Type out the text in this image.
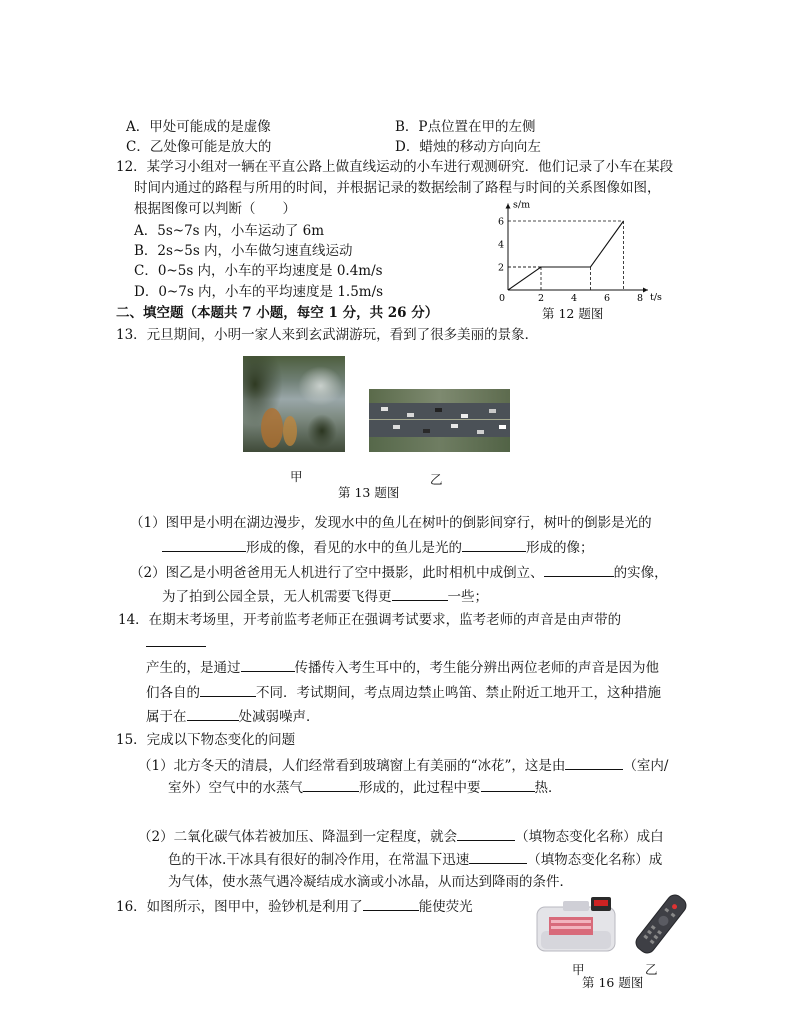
A．甲处可能成的是虚像	B．P点位置在甲的左侧
C．乙处像可能是放大的	D．蜡烛的移动方向向左
12．某学习小组对一辆在平直公路上做直线运动的小车进行观测研究．他们记录了小车在某段
时间内通过的路程与所用的时间，并根据记录的数据绘制了路程与时间的关系图像如图，
根据图像可以判断（　　）
A．5s~7s 内，小车运动了 6m
B．2s~5s 内，小车做匀速直线运动
C．0~5s 内，小车的平均速度是 0.4m/s
D．0~7s 内，小车的平均速度是 1.5m/s
s/m
t/s
0	2	4	6	8
2
4
6
第 12 题图
二、填空题（本题共 7 小题，每空 1 分，共 26 分）
13．元旦期间，小明一家人来到玄武湖游玩，看到了很多美丽的景象．
甲	乙
第 13 题图
（1）图甲是小明在湖边漫步，发现水中的鱼儿在树叶的倒影间穿行，树叶的倒影是光的
形成的像，看见的水中的鱼儿是光的	形成的像；
（2）图乙是小明爸爸用无人机进行了空中摄影，此时相机中成倒立、	的实像，
为了拍到公园全景，无人机需要飞得更	一些；
14．在期末考场里，开考前监考老师正在强调考试要求，监考老师的声音是由声带的
产生的，是通过	传播传入考生耳中的，考生能分辨出两位老师的声音是因为他
们各自的	不同．考试期间，考点周边禁止鸣笛、禁止附近工地开工，这种措施
属于在	处减弱噪声．
15．完成以下物态变化的问题
（1）北方冬天的清晨，人们经常看到玻璃窗上有美丽的“冰花”，这是由	（室内/
室外）空气中的水蒸气	形成的，此过程中要	热．
（2）二氧化碳气体若被加压、降温到一定程度，就会	（填物态变化名称）成白
色的干冰.干冰具有很好的制冷作用，在常温下迅速	（填物态变化名称）成
为气体，使水蒸气遇冷凝结成水滴或小冰晶，从而达到降雨的条件．
16．如图所示，图甲中，验钞机是利用了	能使荧光
甲	乙
第 16 题图
